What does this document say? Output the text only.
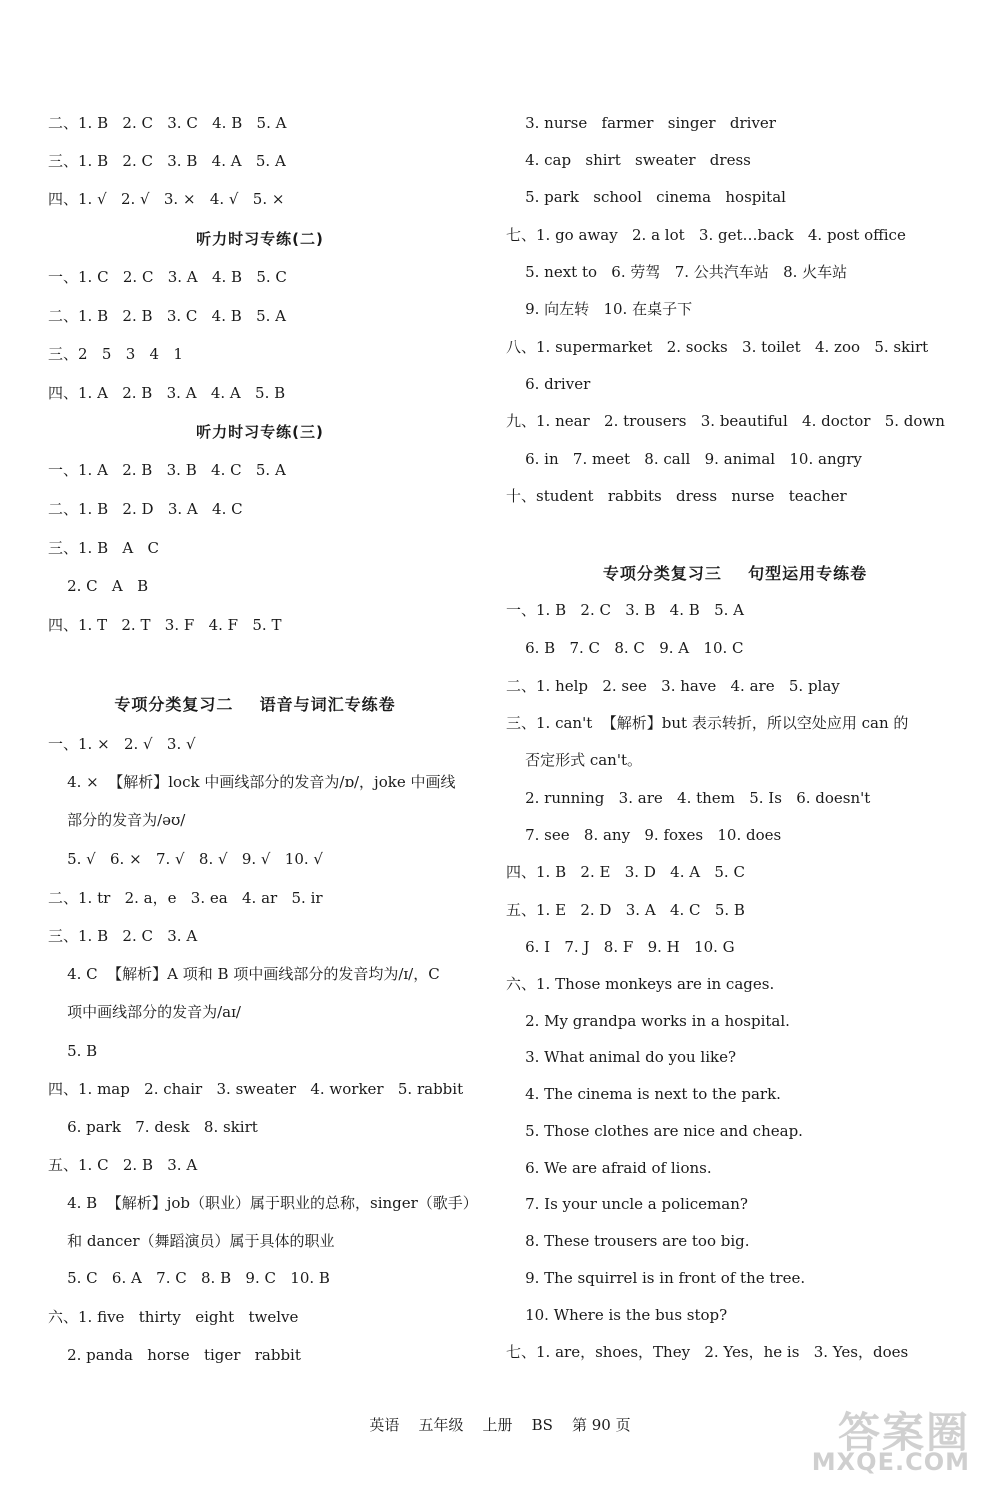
二、1. B   2. C   3. C   4. B   5. A
三、1. B   2. C   3. B   4. A   5. A
四、1. √   2. √   3. ×   4. √   5. ×
听力时习专练(二)
一、1. C   2. C   3. A   4. B   5. C
二、1. B   2. B   3. C   4. B   5. A
三、2   5   3   4   1
四、1. A   2. B   3. A   4. A   5. B
听力时习专练(三)
一、1. A   2. B   3. B   4. C   5. A
二、1. B   2. D   3. A   4. C
三、1. B   A   C
2. C   A   B
四、1. T   2. T   3. F   4. F   5. T
专项分类复习二    语音与词汇专练卷
一、1. ×   2. √   3. √
4. ×  【解析】lock 中画线部分的发音为/ɒ/，joke 中画线
部分的发音为/əʊ/
5. √   6. ×   7. √   8. √   9. √   10. √
二、1. tr   2. a，e   3. ea   4. ar   5. ir
三、1. B   2. C   3. A
4. C  【解析】A 项和 B 项中画线部分的发音均为/ɪ/，C
项中画线部分的发音为/aɪ/
5. B
四、1. map   2. chair   3. sweater   4. worker   5. rabbit
6. park   7. desk   8. skirt
五、1. C   2. B   3. A
4. B  【解析】job（职业）属于职业的总称，singer（歌手）
和 dancer（舞蹈演员）属于具体的职业
5. C   6. A   7. C   8. B   9. C   10. B
六、1. five   thirty   eight   twelve
2. panda   horse   tiger   rabbit
3. nurse   farmer   singer   driver
4. cap   shirt   sweater   dress
5. park   school   cinema   hospital
七、1. go away   2. a lot   3. get…back   4. post office
5. next to   6. 劳驾   7. 公共汽车站   8. 火车站
9. 向左转   10. 在桌子下
八、1. supermarket   2. socks   3. toilet   4. zoo   5. skirt
6. driver
九、1. near   2. trousers   3. beautiful   4. doctor   5. down
6. in   7. meet   8. call   9. animal   10. angry
十、student   rabbits   dress   nurse   teacher
专项分类复习三    句型运用专练卷
一、1. B   2. C   3. B   4. B   5. A
6. B   7. C   8. C   9. A   10. C
二、1. help   2. see   3. have   4. are   5. play
三、1. can't  【解析】but 表示转折，所以空处应用 can 的
否定形式 can't。
2. running   3. are   4. them   5. Is   6. doesn't
7. see   8. any   9. foxes   10. does
四、1. B   2. E   3. D   4. A   5. C
五、1. E   2. D   3. A   4. C   5. B
6. I   7. J   8. F   9. H   10. G
六、1. Those monkeys are in cages.
2. My grandpa works in a hospital.
3. What animal do you like?
4. The cinema is next to the park.
5. Those clothes are nice and cheap.
6. We are afraid of lions.
7. Is your uncle a policeman?
8. These trousers are too big.
9. The squirrel is in front of the tree.
10. Where is the bus stop?
七、1. are，shoes，They   2. Yes，he is   3. Yes，does
英语    五年级    上册    BS    第 90 页	答案圈
MXQE.COM
